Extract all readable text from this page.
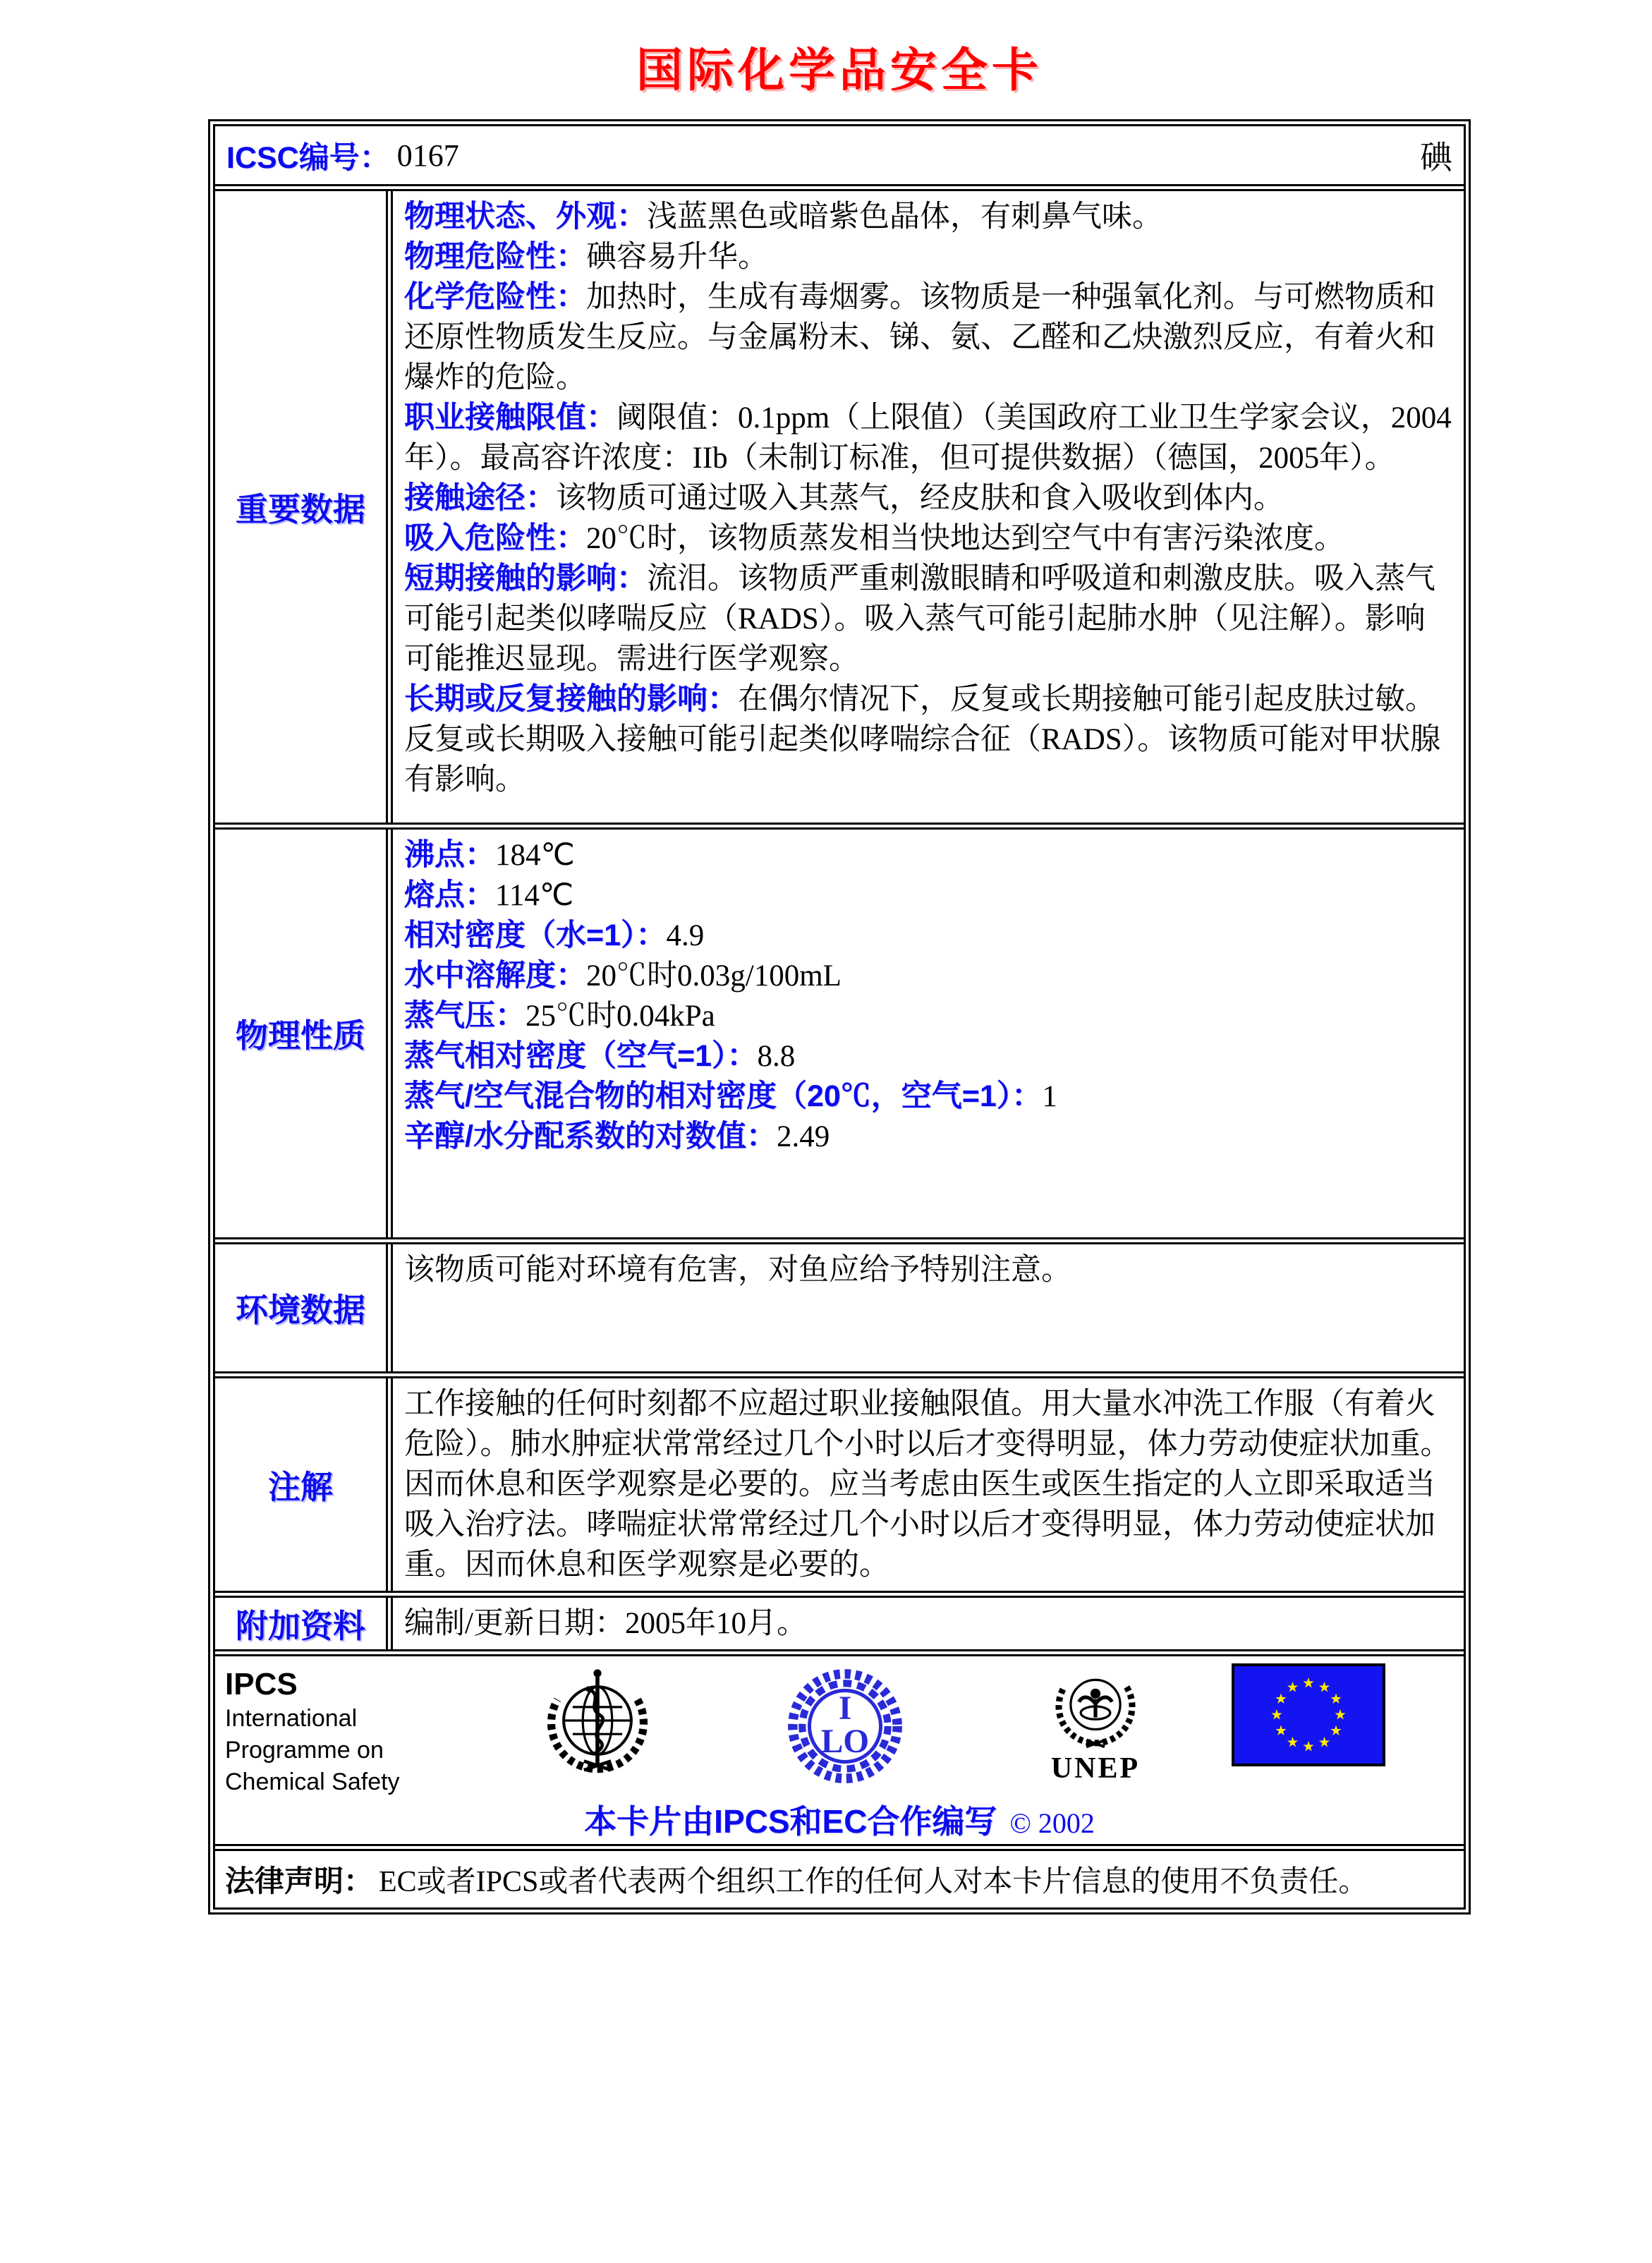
国际化学品安全卡
ICSC编号： 0167	碘
重要数据
物理状态、外观：浅蓝黑色或暗紫色晶体，有刺鼻气味。
物理危险性：碘容易升华。
化学危险性：加热时，生成有毒烟雾。该物质是一种强氧化剂。与可燃物质和还原性物质发生反应。与金属粉末、锑、氨、乙醛和乙炔激烈反应，有着火和爆炸的危险。
职业接触限值：阈限值：0.1ppm（上限值）（美国政府工业卫生学家会议，2004年）。最高容许浓度：IIb（未制订标准，但可提供数据）（德国，2005年）。
接触途径：该物质可通过吸入其蒸气，经皮肤和食入吸收到体内。
吸入危险性：20℃时，该物质蒸发相当快地达到空气中有害污染浓度。
短期接触的影响：流泪。该物质严重刺激眼睛和呼吸道和刺激皮肤。吸入蒸气可能引起类似哮喘反应（RADS）。吸入蒸气可能引起肺水肿（见注解）。影响可能推迟显现。需进行医学观察。
长期或反复接触的影响：在偶尔情况下，反复或长期接触可能引起皮肤过敏。反复或长期吸入接触可能引起类似哮喘综合征（RADS）。该物质可能对甲状腺有影响。
物理性质
沸点：184℃
熔点：114℃
相对密度（水=1）：4.9
水中溶解度：20℃时0.03g/100mL
蒸气压：25℃时0.04kPa
蒸气相对密度（空气=1）：8.8
蒸气/空气混合物的相对密度（20℃，空气=1）：1
辛醇/水分配系数的对数值：2.49
环境数据
该物质可能对环境有危害，对鱼应给予特别注意。
注解
工作接触的任何时刻都不应超过职业接触限值。用大量水冲洗工作服（有着火危险）。肺水肿症状常常经过几个小时以后才变得明显，体力劳动使症状加重。因而休息和医学观察是必要的。应当考虑由医生或医生指定的人立即采取适当吸入治疗法。哮喘症状常常经过几个小时以后才变得明显，体力劳动使症状加重。因而休息和医学观察是必要的。
附加资料	编制/更新日期：2005年10月。
IPCS
International
Programme on
Chemical Safety
I
LO
UNEP
本卡片由IPCS和EC合作编写 © 2002
法律声明： EC或者IPCS或者代表两个组织工作的任何人对本卡片信息的使用不负责任。
